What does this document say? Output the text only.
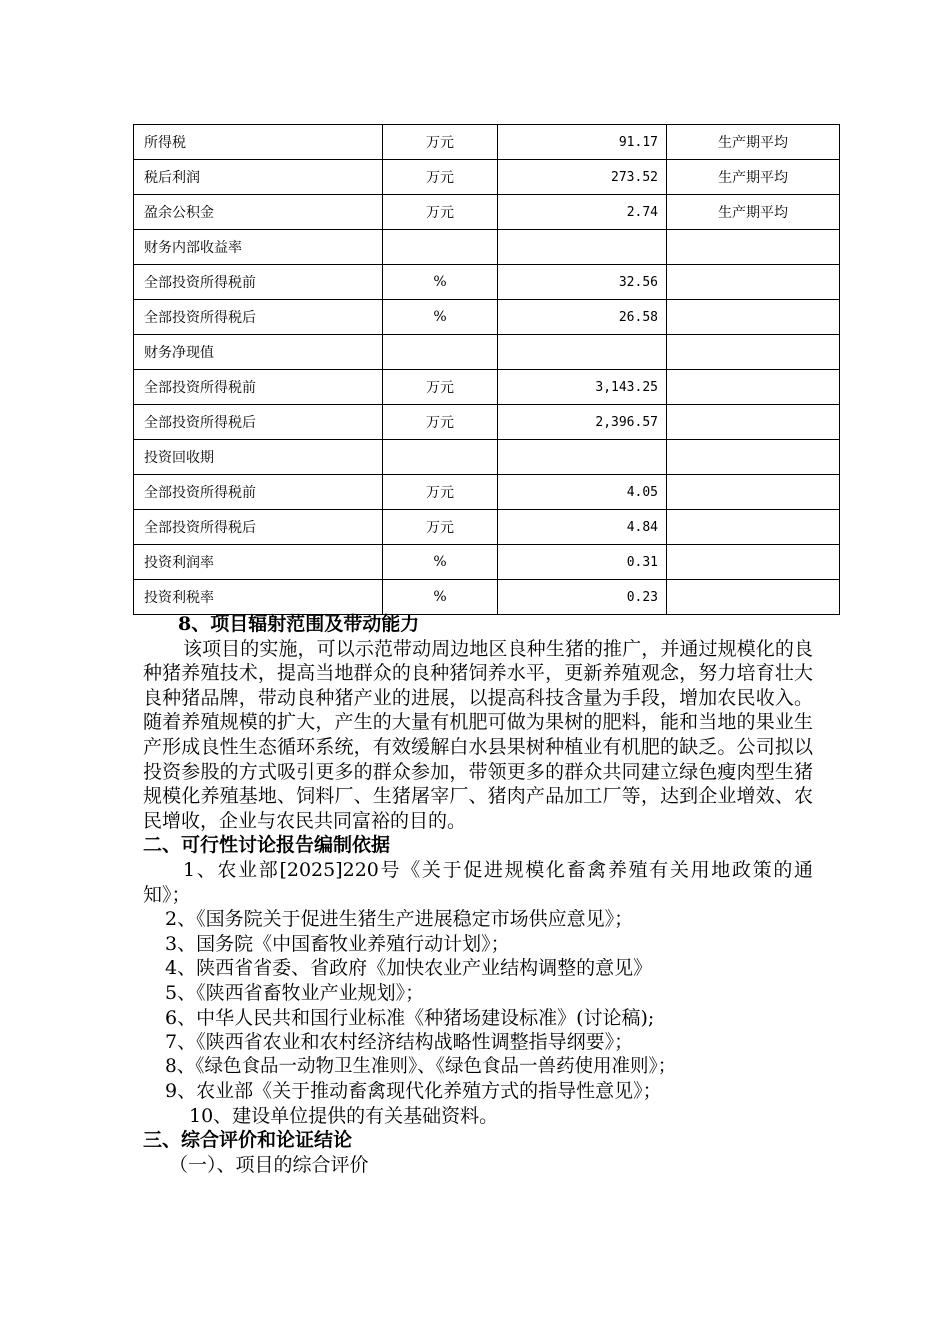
所得税	万元	91.17	生产期平均
税后利润	万元	273.52	生产期平均
盈余公积金	万元	2.74	生产期平均
财务内部收益率			
全部投资所得税前	%	32.56	
全部投资所得税后	%	26.58	
财务净现值			
全部投资所得税前	万元	3,143.25	
全部投资所得税后	万元	2,396.57	
投资回收期			
全部投资所得税前	万元	4.05	
全部投资所得税后	万元	4.84	
投资利润率	%	0.31	
投资利税率	%	0.23	
8、项目辐射范围及带动能力

该项目的实施，可以示范带动周边地区良种生猪的推广，并通过规模化的良种猪养殖技术，提高当地群众的良种猪饲养水平，更新养殖观念，努力培育壮大良种猪品牌，带动良种猪产业的进展，以提高科技含量为手段，增加农民收入。随着养殖规模的扩大，产生的大量有机肥可做为果树的肥料，能和当地的果业生产形成良性生态循环系统，有效缓解白水县果树种植业有机肥的缺乏。公司拟以投资参股的方式吸引更多的群众参加，带领更多的群众共同建立绿色瘦肉型生猪规模化养殖基地、饲料厂、生猪屠宰厂、猪肉产品加工厂等，达到企业增效、农民增收，企业与农民共同富裕的目的。

二、可行性讨论报告编制依据

1、农业部[2025]220号《关于促进规模化畜禽养殖有关用地政策的通知》；

2、《国务院关于促进生猪生产进展稳定市场供应意见》；
3、国务院《中国畜牧业养殖行动计划》；
4、陕西省省委、省政府《加快农业产业结构调整的意见》
5、《陕西省畜牧业产业规划》；
6、中华人民共和国行业标准《种猪场建设标准》(讨论稿);
7、《陕西省农业和农村经济结构战略性调整指导纲要》；
8、《绿色食品一动物卫生准则》、《绿色食品一兽药使用准则》；
9、农业部《关于推动畜禽现代化养殖方式的指导性意见》；
10、建设单位提供的有关基础资料。
三、综合评价和论证结论
（一）、项目的综合评价
